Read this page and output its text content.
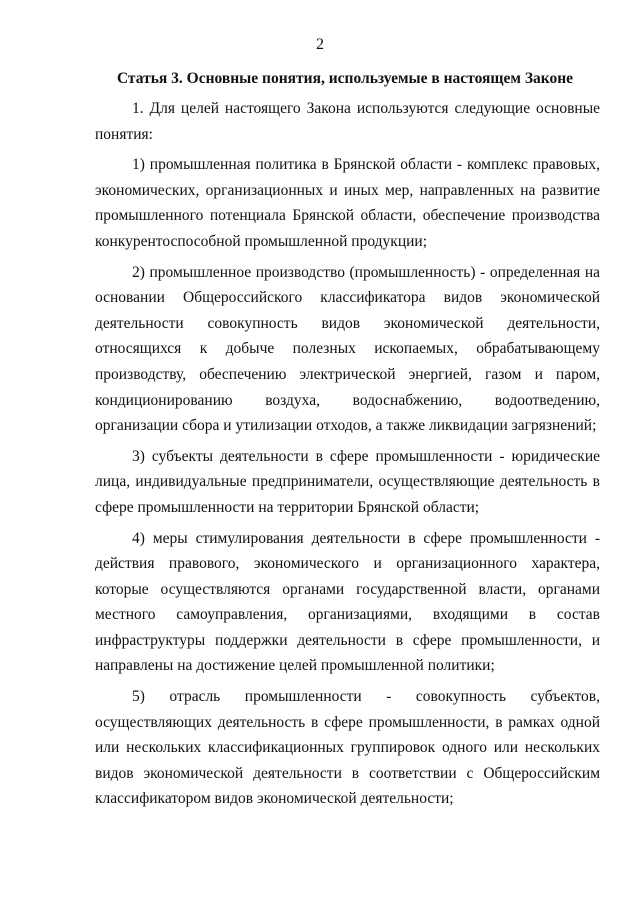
2
Статья 3. Основные понятия, используемые в настоящем Законе

1. Для целей настоящего Закона используются следующие основные понятия:

1) промышленная политика в Брянской области - комплекс правовых, экономических, организационных и иных мер, направленных на развитие промышленного потенциала Брянской области, обеспечение производства конкурентоспособной промышленной продукции;

2) промышленное производство (промышленность) - определенная на основании Общероссийского классификатора видов экономической деятельности совокупность видов экономической деятельности, относящихся к добыче полезных ископаемых, обрабатывающему производству, обеспечению электрической энергией, газом и паром, кондиционированию воздуха, водоснабжению, водоотведению, организации сбора и утилизации отходов, а также ликвидации загрязнений;

3) субъекты деятельности в сфере промышленности - юридические лица, индивидуальные предприниматели, осуществляющие деятельность в сфере промышленности на территории Брянской области;

4) меры стимулирования деятельности в сфере промышленности - действия правового, экономического и организационного характера, которые осуществляются органами государственной власти, органами местного самоуправления, организациями, входящими в состав инфраструктуры поддержки деятельности в сфере промышленности, и направлены на достижение целей промышленной политики;

5) отрасль промышленности - совокупность субъектов, осуществляющих деятельность в сфере промышленности, в рамках одной или нескольких классификационных группировок одного или нескольких видов экономической деятельности в соответствии с Общероссийским классификатором видов экономической деятельности;
